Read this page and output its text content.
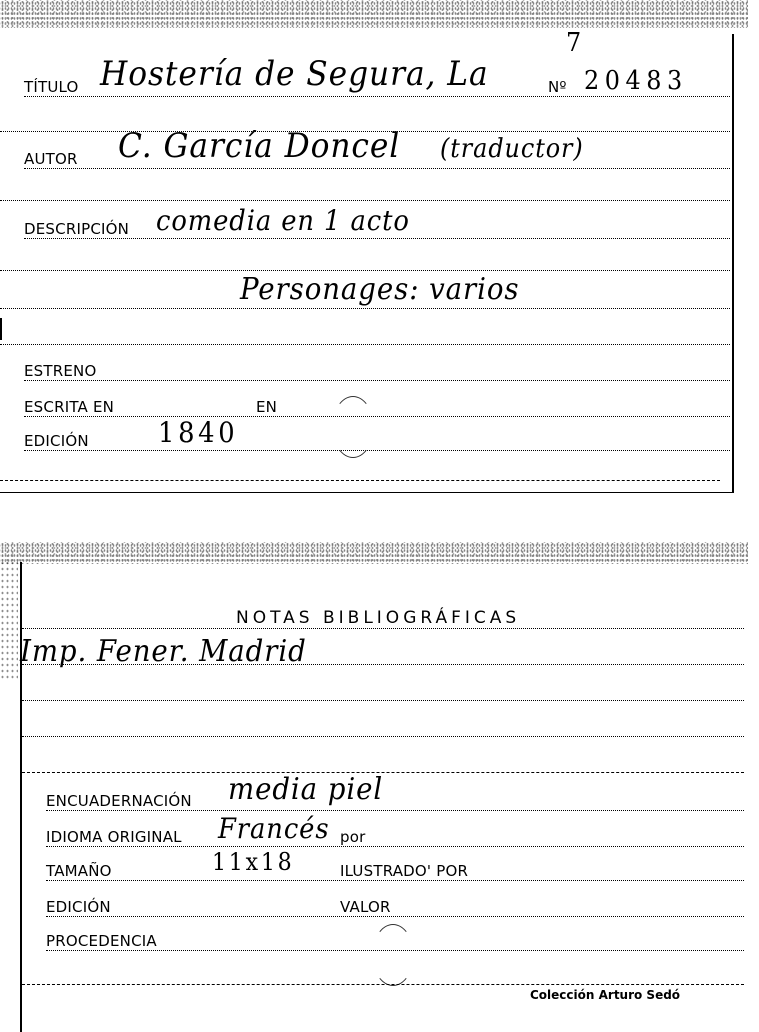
TÍTULO Hostería de Segura, La
7
Nº 20483
AUTOR C. García Doncel (traductor)
DESCRIPCIÓN comedia en 1 acto
Personages: varios
ESTRENO
ESCRITA EN	EN
EDICIÓN 1840
NOTAS BIBLIOGRÁFICAS
Imp. Fener. Madrid
ENCUADERNACIÓN media piel
IDIOMA ORIGINAL Francés por
TAMAÑO	11x18	ILUSTRADO' POR
EDICIÓN	VALOR
PROCEDENCIA
Colección Arturo Sedó
